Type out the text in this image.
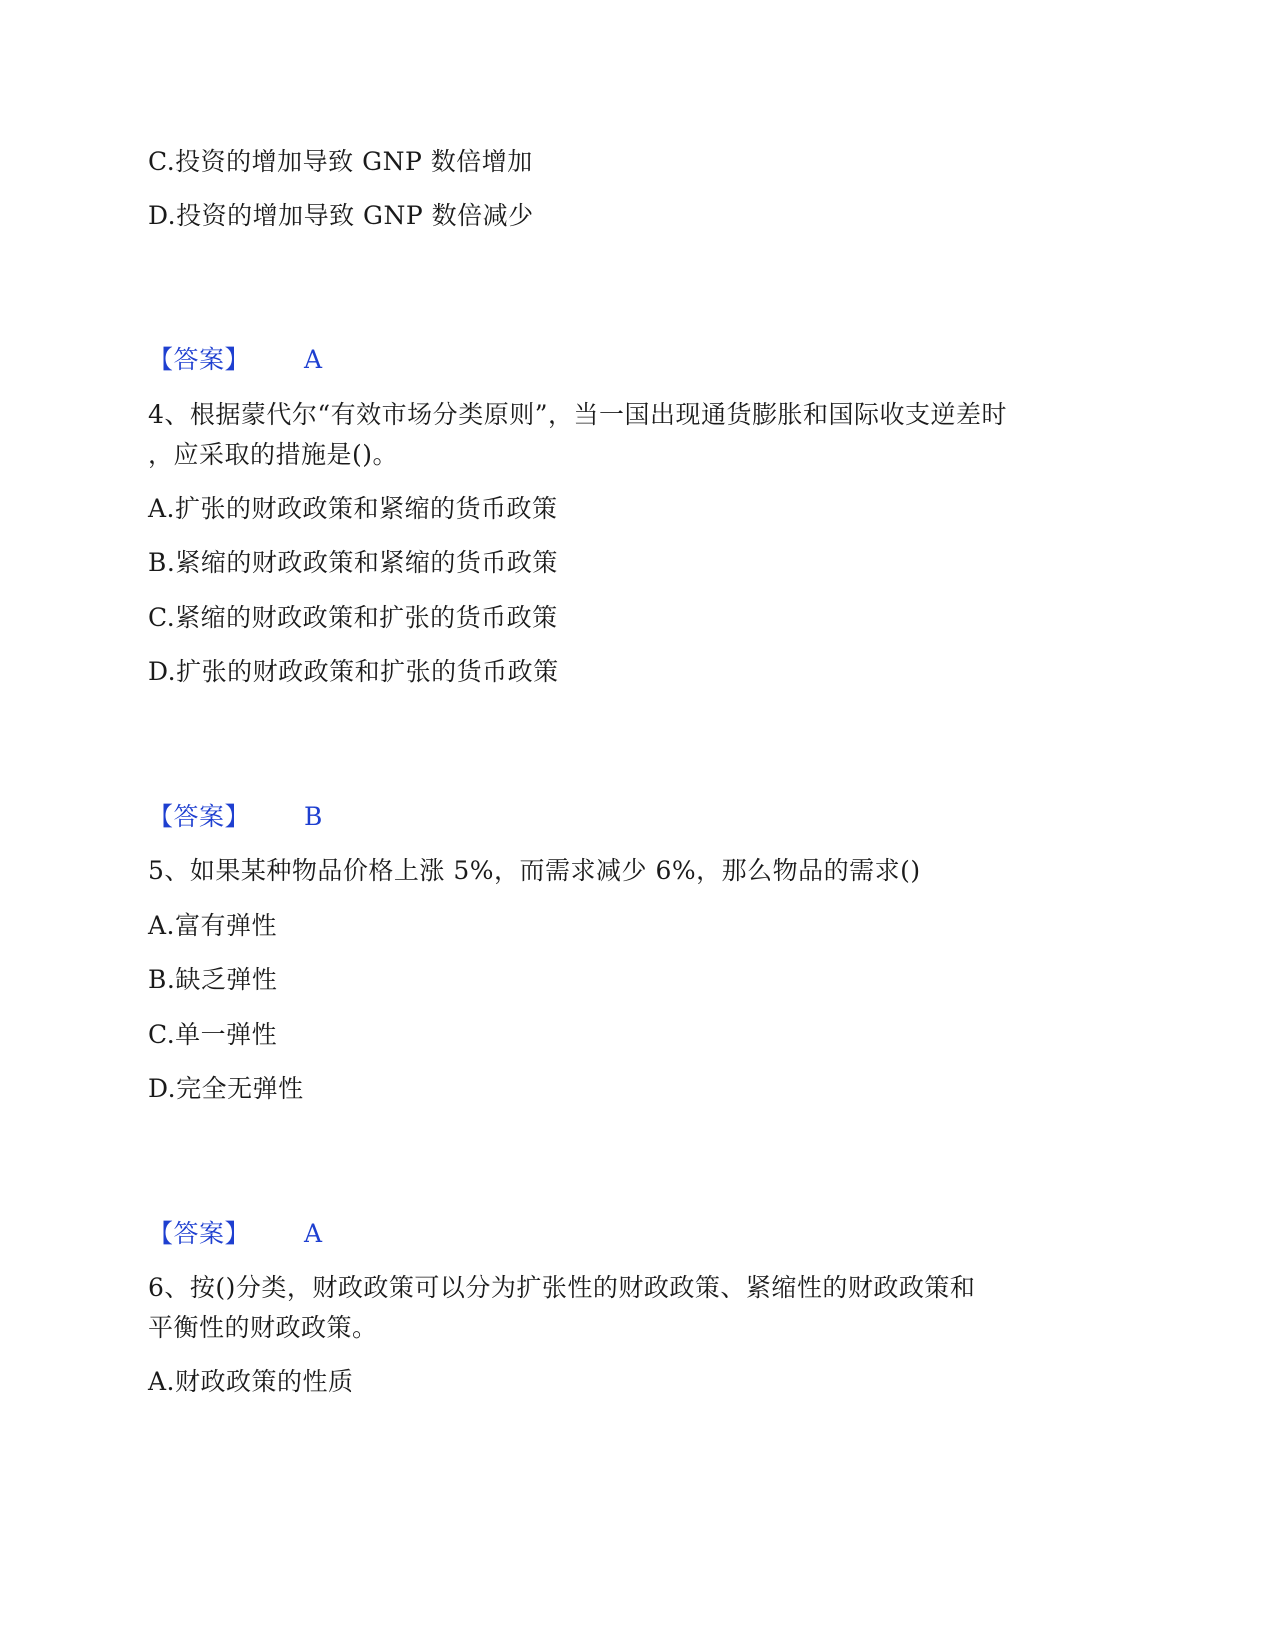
C.投资的增加导致 GNP 数倍增加
D.投资的增加导致 GNP 数倍减少
【答案】 A
4、根据蒙代尔“有效市场分类原则”，当一国出现通货膨胀和国际收支逆差时
，应采取的措施是()。
A.扩张的财政政策和紧缩的货币政策
B.紧缩的财政政策和紧缩的货币政策
C.紧缩的财政政策和扩张的货币政策
D.扩张的财政政策和扩张的货币政策
【答案】 B
5、如果某种物品价格上涨 5%，而需求减少 6%，那么物品的需求()
A.富有弹性
B.缺乏弹性
C.单一弹性
D.完全无弹性
【答案】 A
6、按()分类，财政政策可以分为扩张性的财政政策、紧缩性的财政政策和
平衡性的财政政策。
A.财政政策的性质
